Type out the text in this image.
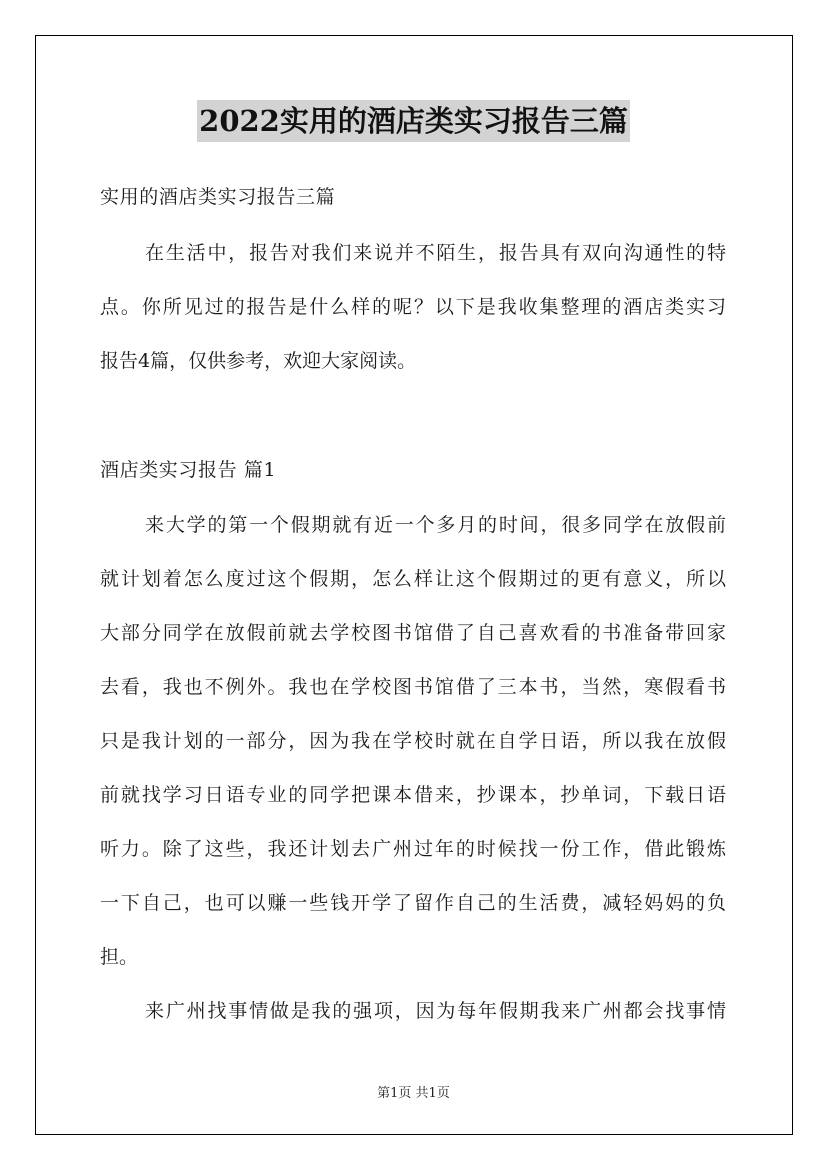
2022实用的酒店类实习报告三篇
实用的酒店类实习报告三篇
在生活中，报告对我们来说并不陌生，报告具有双向沟通性的特
点。你所见过的报告是什么样的呢？以下是我收集整理的酒店类实习
报告4篇，仅供参考，欢迎大家阅读。
酒店类实习报告 篇1
来大学的第一个假期就有近一个多月的时间，很多同学在放假前
就计划着怎么度过这个假期，怎么样让这个假期过的更有意义，所以
大部分同学在放假前就去学校图书馆借了自己喜欢看的书准备带回家
去看，我也不例外。我也在学校图书馆借了三本书，当然，寒假看书
只是我计划的一部分，因为我在学校时就在自学日语，所以我在放假
前就找学习日语专业的同学把课本借来，抄课本，抄单词，下载日语
听力。除了这些，我还计划去广州过年的时候找一份工作，借此锻炼
一下自己，也可以赚一些钱开学了留作自己的生活费，减轻妈妈的负
担。
来广州找事情做是我的强项，因为每年假期我来广州都会找事情
第1页 共1页
